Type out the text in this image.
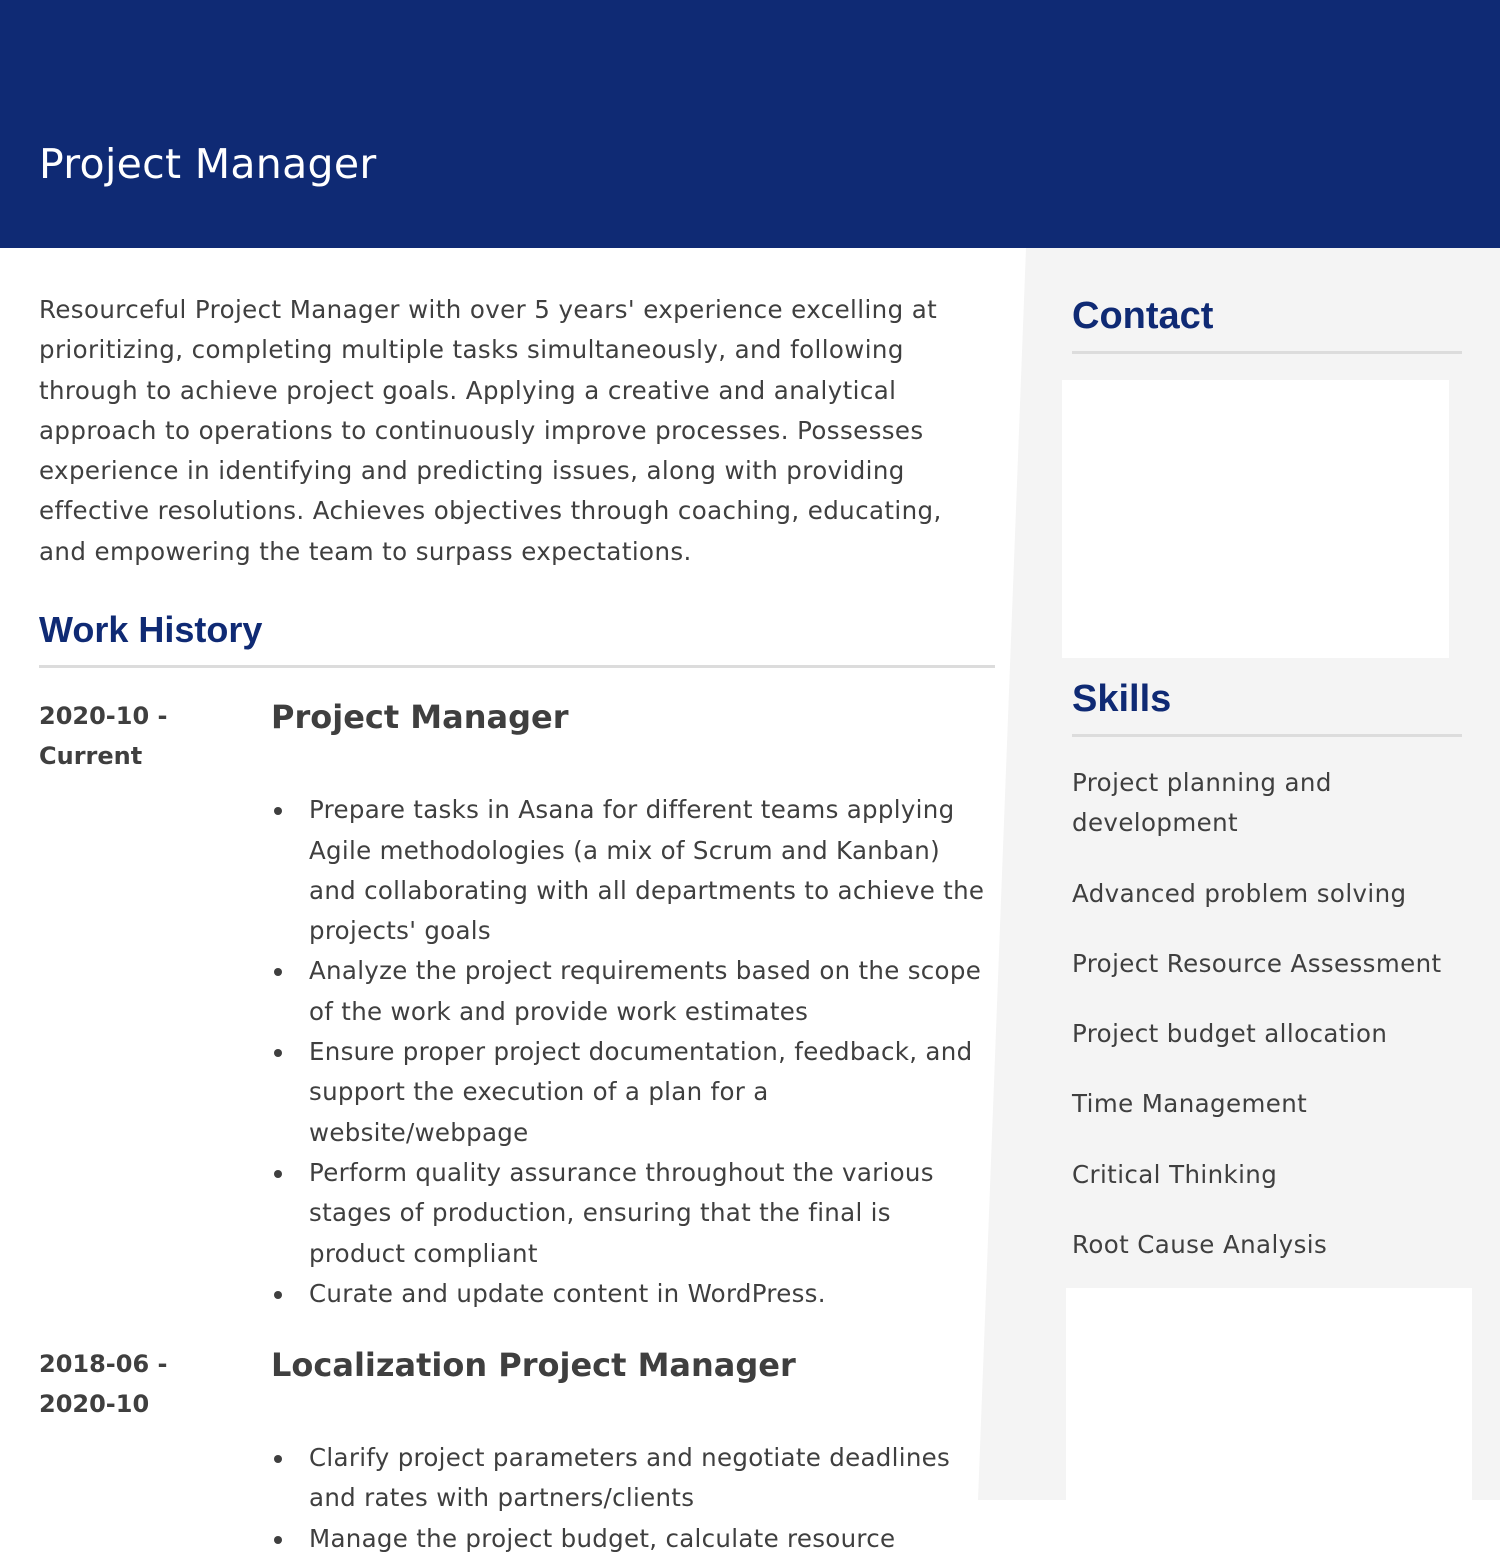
Project Manager

Resourceful Project Manager with over 5 years' experience excelling at prioritizing, completing multiple tasks simultaneously, and following through to achieve project goals. Applying a creative and analytical approach to operations to continuously improve processes. Possesses experience in identifying and predicting issues, along with providing effective resolutions. Achieves objectives through coaching, educating, and empowering the team to surpass expectations.

Work History
2020-10 -
Current
Project Manager
Prepare tasks in Asana for different teams applying Agile methodologies (a mix of Scrum and Kanban) and collaborating with all departments to achieve the projects' goals
Analyze the project requirements based on the scope of the work and provide work estimates
Ensure proper project documentation, feedback, and support the execution of a plan for a website/webpage
Perform quality assurance throughout the various stages of production, ensuring that the final is product compliant
Curate and update content in WordPress.
2018-06 -
2020-10
Localization Project Manager
Clarify project parameters and negotiate deadlines and rates with partners/clients
Manage the project budget, calculate resource
Contact
Skills
Project planning and development
Advanced problem solving
Project Resource Assessment
Project budget allocation
Time Management
Critical Thinking
Root Cause Analysis
